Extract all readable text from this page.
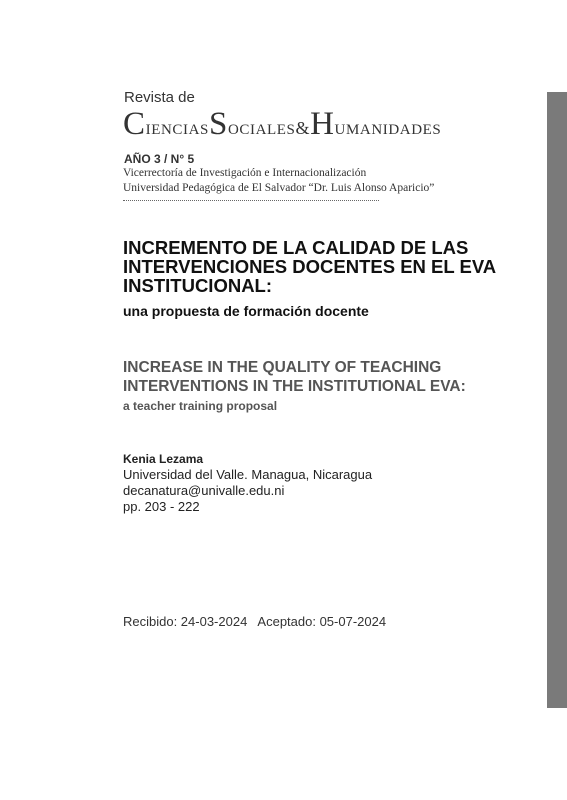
Revista de
CIENCIASSOCIALES&HUMANIDADES
AÑO 3 / N° 5
Vicerrectoría de Investigación e Internacionalización
Universidad Pedagógica de El Salvador “Dr. Luis Alonso Aparicio”
INCREMENTO DE LA CALIDAD DE LAS INTERVENCIONES DOCENTES EN EL EVA INSTITUCIONAL:
una propuesta de formación docente
INCREASE IN THE QUALITY OF TEACHING INTERVENTIONS IN THE INSTITUTIONAL EVA:
a teacher training proposal
Kenia Lezama
Universidad del Valle. Managua, Nicaragua
decanatura@univalle.edu.ni
pp. 203 - 222
Recibido: 24-03-2024   Aceptado: 05-07-2024
